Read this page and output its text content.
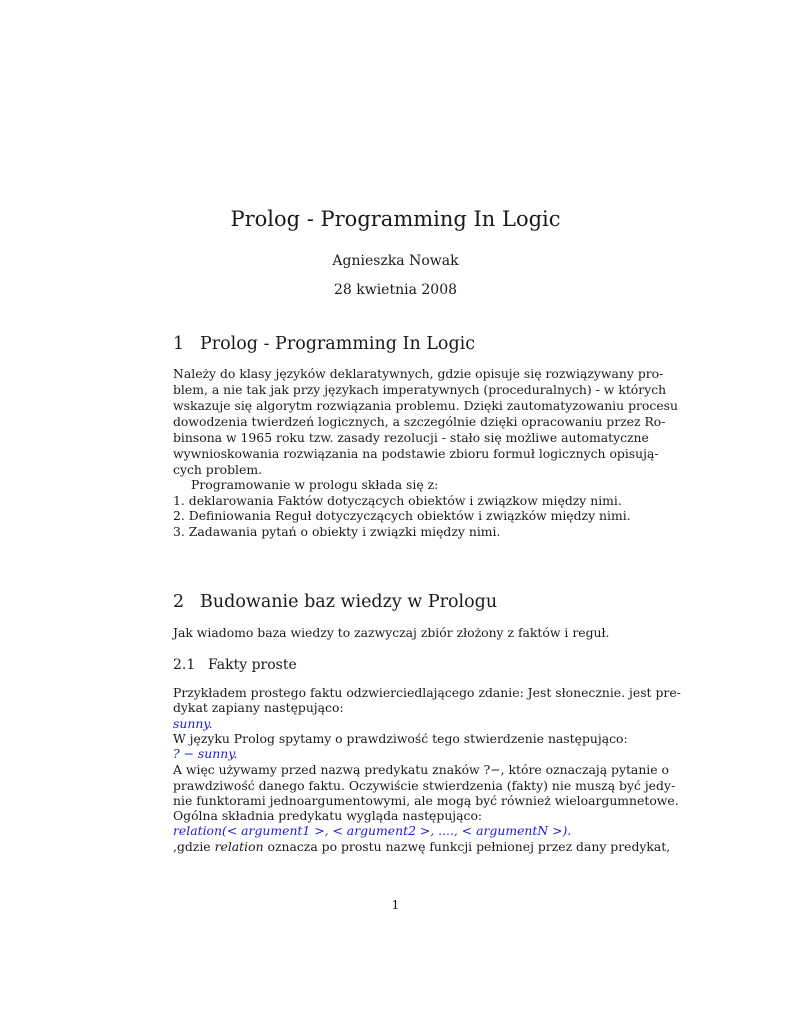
Prolog - Programming In Logic
Agnieszka Nowak
28 kwietnia 2008
1 Prolog - Programming In Logic
Należy do klasy języków deklaratywnych, gdzie opisuje się rozwiązywany pro-
blem, a nie tak jak przy językach imperatywnych (proceduralnych) - w których
wskazuje się algorytm rozwiązania problemu. Dzięki zautomatyzowaniu procesu
dowodzenia twierdzeń logicznych, a szczególnie dzięki opracowaniu przez Ro-
binsona w 1965 roku tzw. zasady rezolucji - stało się możliwe automatyczne
wywnioskowania rozwiązania na podstawie zbioru formuł logicznych opisują-
cych problem.
Programowanie w prologu składa się z:
1. deklarowania Faktów dotyczących obiektów i związkow między nimi.
2. Definiowania Reguł dotyczyczących obiektów i związków między nimi.
3. Zadawania pytań o obiekty i związki między nimi.
2 Budowanie baz wiedzy w Prologu
Jak wiadomo baza wiedzy to zazwyczaj zbiór złożony z faktów i reguł.
2.1 Fakty proste
Przykładem prostego faktu odzwierciedlającego zdanie: Jest słonecznie. jest pre-
dykat zapiany następująco:
sunny.
W języku Prolog spytamy o prawdziwość tego stwierdzenie następująco:
? − sunny.
A więc używamy przed nazwą predykatu znaków ?−, które oznaczają pytanie o
prawdziwość danego faktu. Oczywiście stwierdzenia (fakty) nie muszą być jedy-
nie funktorami jednoargumentowymi, ale mogą być również wieloargumnetowe.
Ogólna składnia predykatu wygląda następująco:
relation(< argument1 >, < argument2 >, ...., < argumentN >).
,gdzie relation oznacza po prostu nazwę funkcji pełnionej przez dany predykat,
1
